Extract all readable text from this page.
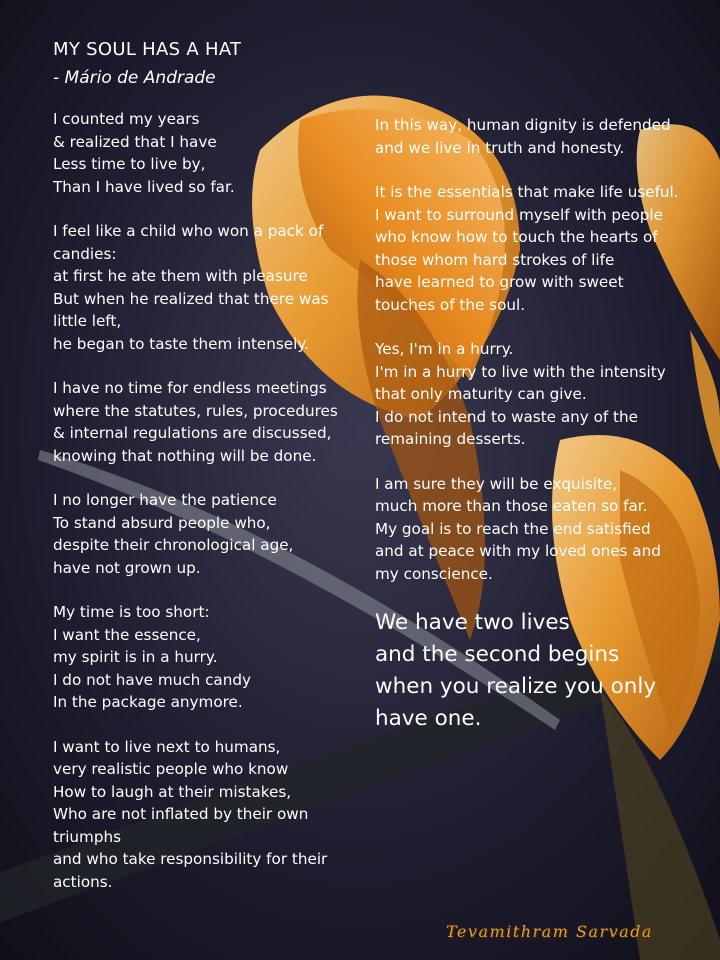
MY SOUL HAS A HAT
- Mário de Andrade
I counted my years
& realized that I have
Less time to live by,
Than I have lived so far.
I feel like a child who won a pack of candies:
at first he ate them with pleasure
But when he realized that there was little left,
he began to taste them intensely.
I have no time for endless meetings
where the statutes, rules, procedures
& internal regulations are discussed,
knowing that nothing will be done.
I no longer have the patience
To stand absurd people who,
despite their chronological age,
have not grown up.
My time is too short:
I want the essence,
my spirit is in a hurry.
I do not have much candy
In the package anymore.
I want to live next to humans,
very realistic people who know
How to laugh at their mistakes,
Who are not inflated by their own triumphs
and who take responsibility for their actions.
In this way, human dignity is defended
and we live in truth and honesty.
It is the essentials that make life useful.
I want to surround myself with people
who know how to touch the hearts of
those whom hard strokes of life
have learned to grow with sweet
touches of the soul.
Yes, I'm in a hurry.
I'm in a hurry to live with the intensity
that only maturity can give.
I do not intend to waste any of the
remaining desserts.
I am sure they will be exquisite,
much more than those eaten so far.
My goal is to reach the end satisfied
and at peace with my loved ones and
my conscience.
We have two lives
and the second begins
when you realize you only
have one.
Tevamithram Sarvada
